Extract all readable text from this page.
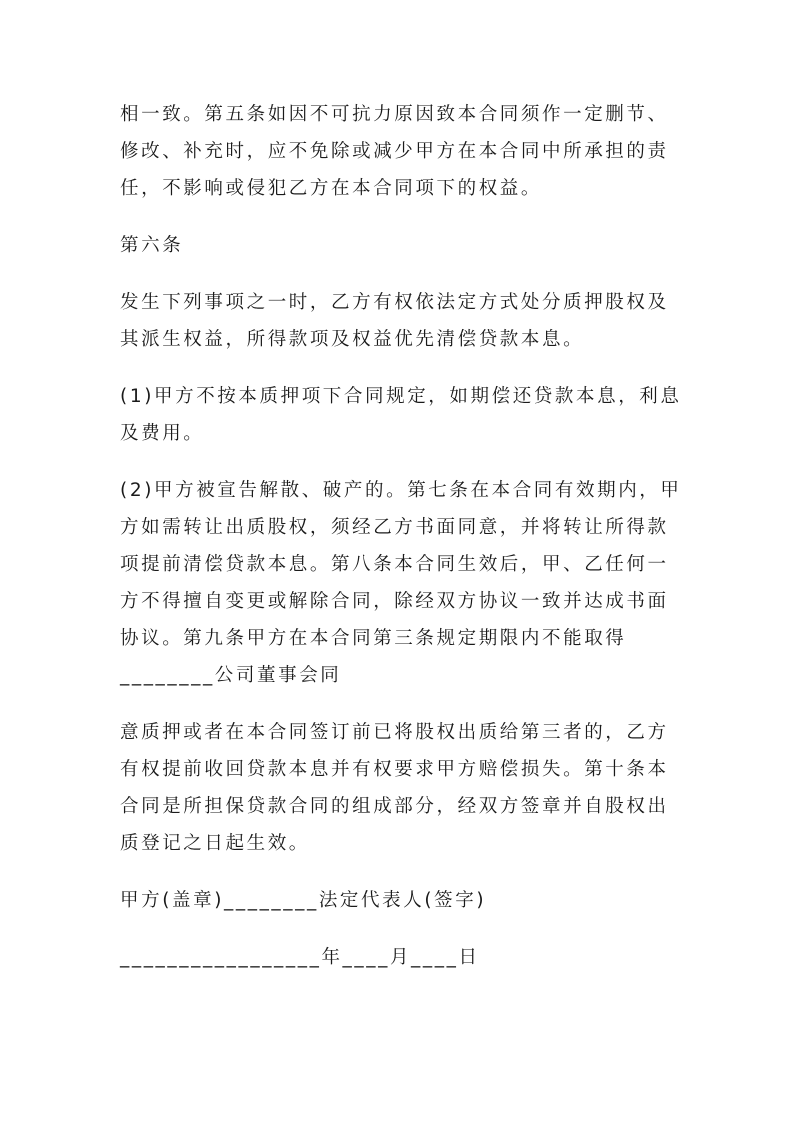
相一致。第五条如因不可抗力原因致本合同须作一定删节、
修改、补充时，应不免除或减少甲方在本合同中所承担的责
任，不影响或侵犯乙方在本合同项下的权益。

第六条

发生下列事项之一时，乙方有权依法定方式处分质押股权及
其派生权益，所得款项及权益优先清偿贷款本息。

(1)甲方不按本质押项下合同规定，如期偿还贷款本息，利息
及费用。

(2)甲方被宣告解散、破产的。第七条在本合同有效期内，甲
方如需转让出质股权，须经乙方书面同意，并将转让所得款
项提前清偿贷款本息。第八条本合同生效后，甲、乙任何一
方不得擅自变更或解除合同，除经双方协议一致并达成书面
协议。第九条甲方在本合同第三条规定期限内不能取得
________公司董事会同

意质押或者在本合同签订前已将股权出质给第三者的，乙方
有权提前收回贷款本息并有权要求甲方赔偿损失。第十条本
合同是所担保贷款合同的组成部分，经双方签章并自股权出
质登记之日起生效。

甲方(盖章)________法定代表人(签字)

_________________年____月____日
